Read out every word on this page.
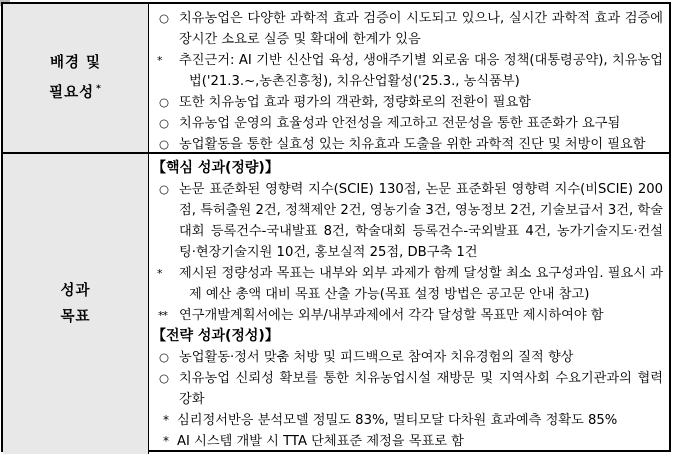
배경 및
필요성 *

○ 치유농업은 다양한 과학적 효과 검증이 시도되고 있으나, 실시간 과학적 효과 검증에 장시간 소요로 실증 및 확대에 한계가 있음

*	추진근거: AI 기반 신산업 육성, 생애주기별 외로움 대응 정책(대통령공약), 치유농업법('21.3.~,농촌진흥청), 치유산업활성('25.3., 농식품부)

○ 또한 치유농업 효과 평가의 객관화, 정량화로의 전환이 필요함

○ 치유농업 운영의 효율성과 안전성을 제고하고 전문성을 통한 표준화가 요구됨

○ 농업활동을 통한 실효성 있는 치유효과 도출을 위한 과학적 진단 및 처방이 필요함

성과
목표

【핵심 성과(정량)】

○ 논문 표준화된 영향력 지수(SCIE) 130점, 논문 표준화된 영향력 지수(비SCIE) 200점, 특허출원 2건, 정책제안 2건, 영농기술 3건, 영농정보 2건, 기술보급서 3건, 학술대회 등록건수-국내발표 8건, 학술대회 등록건수-국외발표 4건, 농가기술지도·컨설팅·현장기술지원 10건, 홍보실적 25점, DB구축 1건

*	제시된 정량성과 목표는 내부와 외부 과제가 함께 달성할 최소 요구성과임. 필요시 과제 예산 총액 대비 목표 산출 가능(목표 설정 방법은 공고문 안내 참고)

** 연구개발계획서에는 외부/내부과제에서 각각 달성할 목표만 제시하여야 함

【전략 성과(정성)】

○ 농업활동·정서 맞춤 처방 및 피드백으로 참여자 치유경험의 질적 향상

○ 치유농업 신뢰성 확보를 통한 치유농업시설 재방문 및 지역사회 수요기관과의 협력 강화

* 심리정서반응 분석모델 정밀도 83%, 멀티모달 다차원 효과예측 정확도 85%

* AI 시스템 개발 시 TTA 단체표준 제정을 목표로 함
